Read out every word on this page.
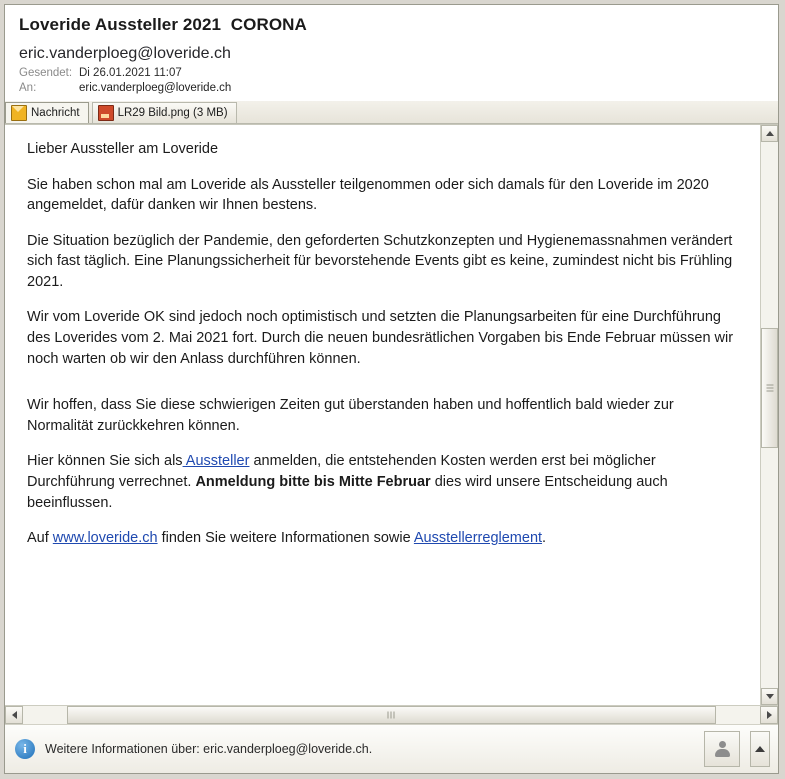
Loveride Aussteller 2021  CORONA
eric.vanderploeg@loveride.ch
Gesendet: Di 26.01.2021 11:07
An:	eric.vanderploeg@loveride.ch
Nachricht	LR29 Bild.png (3 MB)

Lieber Aussteller am Loveride

Sie haben schon mal am Loveride als Aussteller teilgenommen oder sich damals für den Loveride im 2020 angemeldet, dafür danken wir Ihnen bestens.

Die Situation bezüglich der Pandemie, den geforderten Schutzkonzepten und Hygienemassnahmen verändert sich fast täglich. Eine Planungssicherheit für bevorstehende Events gibt es keine, zumindest nicht bis Frühling 2021.

Wir vom Loveride OK sind jedoch noch optimistisch und setzten die Planungsarbeiten für eine Durchführung des Loverides vom 2. Mai 2021 fort. Durch die neuen bundesrätlichen Vorgaben bis Ende Februar müssen wir noch warten ob wir den Anlass durchführen können.

Wir hoffen, dass Sie diese schwierigen Zeiten gut überstanden haben und hoffentlich bald wieder zur Normalität zurückkehren können.

Hier können Sie sich als Aussteller anmelden, die entstehenden Kosten werden erst bei möglicher Durchführung verrechnet. Anmeldung bitte bis Mitte Februar dies wird unsere Entscheidung auch beeinflussen.

Auf www.loveride.ch finden Sie weitere Informationen sowie Ausstellerreglement.

i	Weitere Informationen über: eric.vanderploeg@loveride.ch.
